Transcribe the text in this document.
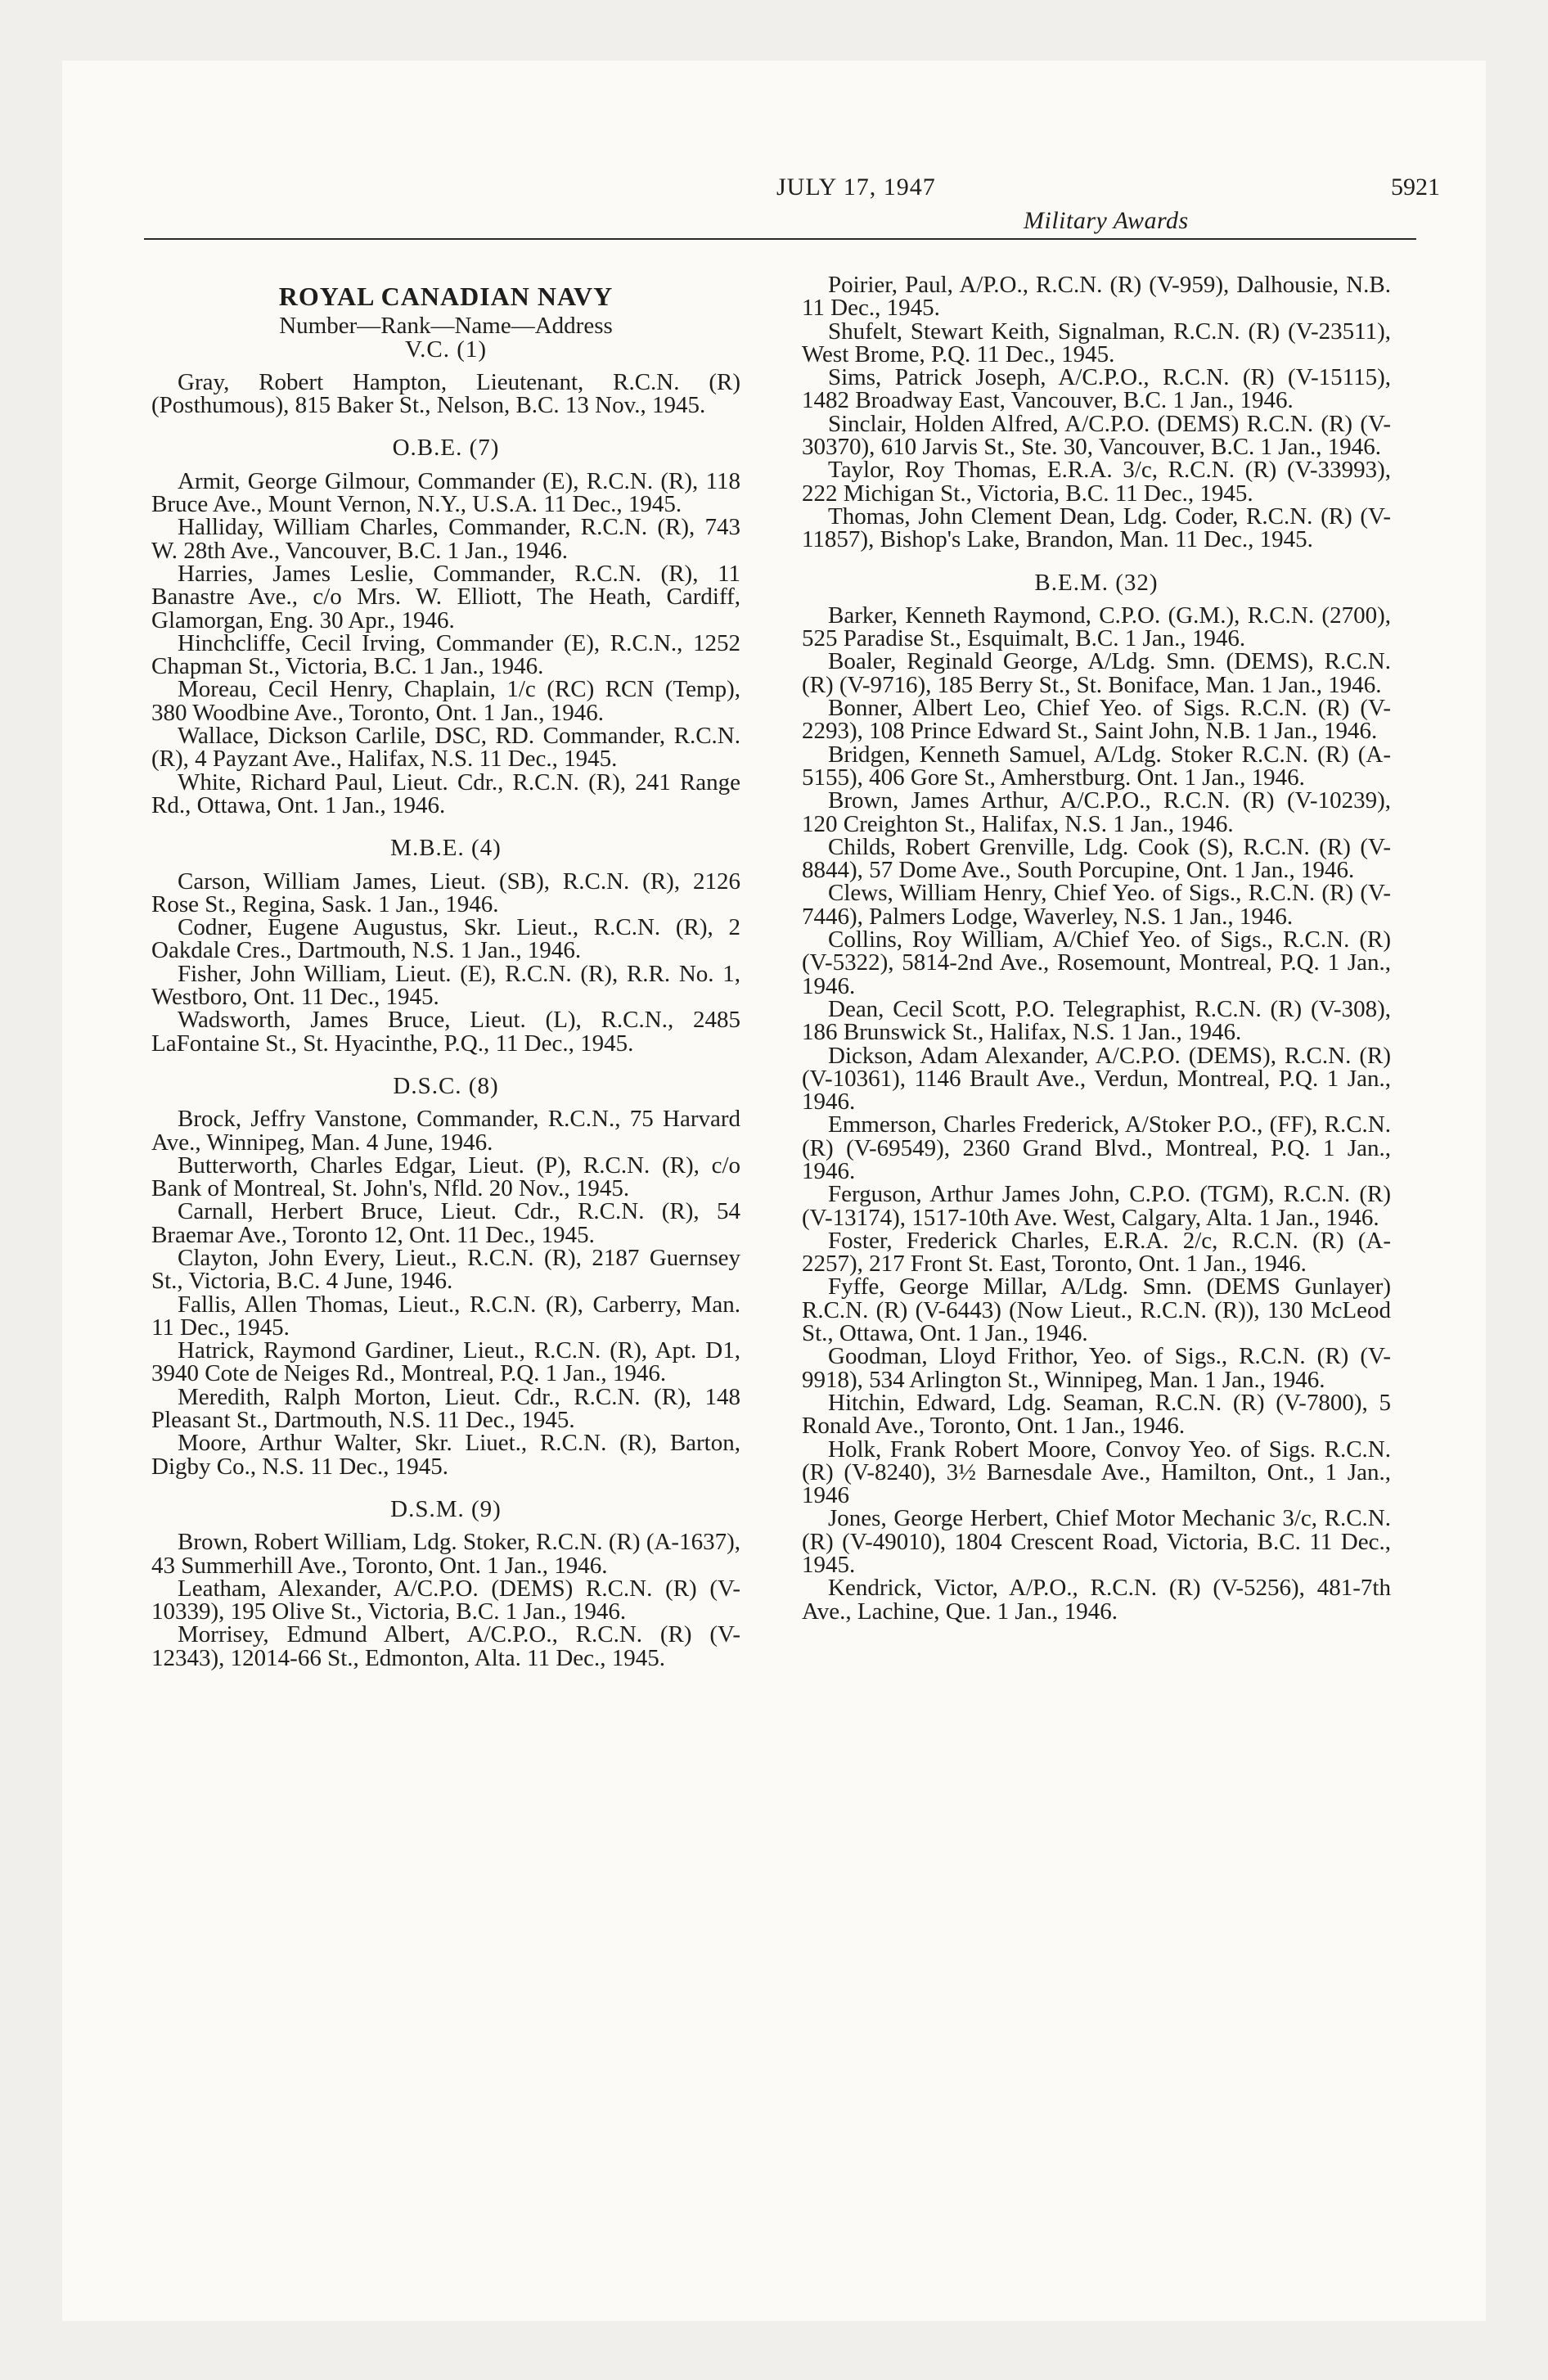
JULY 17, 1947
Military Awards
5921
ROYAL CANADIAN NAVY
Number—Rank—Name—Address
V.C. (1)
Gray, Robert Hampton, Lieutenant, R.C.N. (R) (Posthumous), 815 Baker St., Nelson, B.C. 13 Nov., 1945.
O.B.E. (7)
Armit, George Gilmour, Commander (E), R.C.N. (R), 118 Bruce Ave., Mount Vernon, N.Y., U.S.A. 11 Dec., 1945.
Halliday, William Charles, Commander, R.C.N. (R), 743 W. 28th Ave., Vancouver, B.C. 1 Jan., 1946.
Harries, James Leslie, Commander, R.C.N. (R), 11 Banastre Ave., c/o Mrs. W. Elliott, The Heath, Cardiff, Glamorgan, Eng. 30 Apr., 1946.
Hinchcliffe, Cecil Irving, Commander (E), R.C.N., 1252 Chapman St., Victoria, B.C. 1 Jan., 1946.
Moreau, Cecil Henry, Chaplain, 1/c (RC) RCN (Temp), 380 Woodbine Ave., Toronto, Ont. 1 Jan., 1946.
Wallace, Dickson Carlile, DSC, RD. Commander, R.C.N. (R), 4 Payzant Ave., Halifax, N.S. 11 Dec., 1945.
White, Richard Paul, Lieut. Cdr., R.C.N. (R), 241 Range Rd., Ottawa, Ont. 1 Jan., 1946.
M.B.E. (4)
Carson, William James, Lieut. (SB), R.C.N. (R), 2126 Rose St., Regina, Sask. 1 Jan., 1946.
Codner, Eugene Augustus, Skr. Lieut., R.C.N. (R), 2 Oakdale Cres., Dartmouth, N.S. 1 Jan., 1946.
Fisher, John William, Lieut. (E), R.C.N. (R), R.R. No. 1, Westboro, Ont. 11 Dec., 1945.
Wadsworth, James Bruce, Lieut. (L), R.C.N., 2485 LaFontaine St., St. Hyacinthe, P.Q., 11 Dec., 1945.
D.S.C. (8)
Brock, Jeffry Vanstone, Commander, R.C.N., 75 Harvard Ave., Winnipeg, Man. 4 June, 1946.
Butterworth, Charles Edgar, Lieut. (P), R.C.N. (R), c/o Bank of Montreal, St. John's, Nfld. 20 Nov., 1945.
Carnall, Herbert Bruce, Lieut. Cdr., R.C.N. (R), 54 Braemar Ave., Toronto 12, Ont. 11 Dec., 1945.
Clayton, John Every, Lieut., R.C.N. (R), 2187 Guernsey St., Victoria, B.C. 4 June, 1946.
Fallis, Allen Thomas, Lieut., R.C.N. (R), Carberry, Man. 11 Dec., 1945.
Hatrick, Raymond Gardiner, Lieut., R.C.N. (R), Apt. D1, 3940 Cote de Neiges Rd., Montreal, P.Q. 1 Jan., 1946.
Meredith, Ralph Morton, Lieut. Cdr., R.C.N. (R), 148 Pleasant St., Dartmouth, N.S. 11 Dec., 1945.
Moore, Arthur Walter, Skr. Liuet., R.C.N. (R), Barton, Digby Co., N.S. 11 Dec., 1945.
D.S.M. (9)
Brown, Robert William, Ldg. Stoker, R.C.N. (R) (A-1637), 43 Summerhill Ave., Toronto, Ont. 1 Jan., 1946.
Leatham, Alexander, A/C.P.O. (DEMS) R.C.N. (R) (V-10339), 195 Olive St., Victoria, B.C. 1 Jan., 1946.
Morrisey, Edmund Albert, A/C.P.O., R.C.N. (R) (V-12343), 12014-66 St., Edmonton, Alta. 11 Dec., 1945.
Poirier, Paul, A/P.O., R.C.N. (R) (V-959), Dalhousie, N.B. 11 Dec., 1945.
Shufelt, Stewart Keith, Signalman, R.C.N. (R) (V-23511), West Brome, P.Q. 11 Dec., 1945.
Sims, Patrick Joseph, A/C.P.O., R.C.N. (R) (V-15115), 1482 Broadway East, Vancouver, B.C. 1 Jan., 1946.
Sinclair, Holden Alfred, A/C.P.O. (DEMS) R.C.N. (R) (V-30370), 610 Jarvis St., Ste. 30, Vancouver, B.C. 1 Jan., 1946.
Taylor, Roy Thomas, E.R.A. 3/c, R.C.N. (R) (V-33993), 222 Michigan St., Victoria, B.C. 11 Dec., 1945.
Thomas, John Clement Dean, Ldg. Coder, R.C.N. (R) (V-11857), Bishop's Lake, Brandon, Man. 11 Dec., 1945.
B.E.M. (32)
Barker, Kenneth Raymond, C.P.O. (G.M.), R.C.N. (2700), 525 Paradise St., Esquimalt, B.C. 1 Jan., 1946.
Boaler, Reginald George, A/Ldg. Smn. (DEMS), R.C.N. (R) (V-9716), 185 Berry St., St. Boniface, Man. 1 Jan., 1946.
Bonner, Albert Leo, Chief Yeo. of Sigs. R.C.N. (R) (V-2293), 108 Prince Edward St., Saint John, N.B. 1 Jan., 1946.
Bridgen, Kenneth Samuel, A/Ldg. Stoker R.C.N. (R) (A-5155), 406 Gore St., Amherstburg. Ont. 1 Jan., 1946.
Brown, James Arthur, A/C.P.O., R.C.N. (R) (V-10239), 120 Creighton St., Halifax, N.S. 1 Jan., 1946.
Childs, Robert Grenville, Ldg. Cook (S), R.C.N. (R) (V-8844), 57 Dome Ave., South Porcupine, Ont. 1 Jan., 1946.
Clews, William Henry, Chief Yeo. of Sigs., R.C.N. (R) (V-7446), Palmers Lodge, Waverley, N.S. 1 Jan., 1946.
Collins, Roy William, A/Chief Yeo. of Sigs., R.C.N. (R) (V-5322), 5814-2nd Ave., Rosemount, Montreal, P.Q. 1 Jan., 1946.
Dean, Cecil Scott, P.O. Telegraphist, R.C.N. (R) (V-308), 186 Brunswick St., Halifax, N.S. 1 Jan., 1946.
Dickson, Adam Alexander, A/C.P.O. (DEMS), R.C.N. (R) (V-10361), 1146 Brault Ave., Verdun, Montreal, P.Q. 1 Jan., 1946.
Emmerson, Charles Frederick, A/Stoker P.O., (FF), R.C.N. (R) (V-69549), 2360 Grand Blvd., Montreal, P.Q. 1 Jan., 1946.
Ferguson, Arthur James John, C.P.O. (TGM), R.C.N. (R) (V-13174), 1517-10th Ave. West, Calgary, Alta. 1 Jan., 1946.
Foster, Frederick Charles, E.R.A. 2/c, R.C.N. (R) (A-2257), 217 Front St. East, Toronto, Ont. 1 Jan., 1946.
Fyffe, George Millar, A/Ldg. Smn. (DEMS Gunlayer) R.C.N. (R) (V-6443) (Now Lieut., R.C.N. (R)), 130 McLeod St., Ottawa, Ont. 1 Jan., 1946.
Goodman, Lloyd Frithor, Yeo. of Sigs., R.C.N. (R) (V-9918), 534 Arlington St., Winnipeg, Man. 1 Jan., 1946.
Hitchin, Edward, Ldg. Seaman, R.C.N. (R) (V-7800), 5 Ronald Ave., Toronto, Ont. 1 Jan., 1946.
Holk, Frank Robert Moore, Convoy Yeo. of Sigs. R.C.N. (R) (V-8240), 3½ Barnesdale Ave., Hamilton, Ont., 1 Jan., 1946
Jones, George Herbert, Chief Motor Mechanic 3/c, R.C.N. (R) (V-49010), 1804 Crescent Road, Victoria, B.C. 11 Dec., 1945.
Kendrick, Victor, A/P.O., R.C.N. (R) (V-5256), 481-7th Ave., Lachine, Que. 1 Jan., 1946.
